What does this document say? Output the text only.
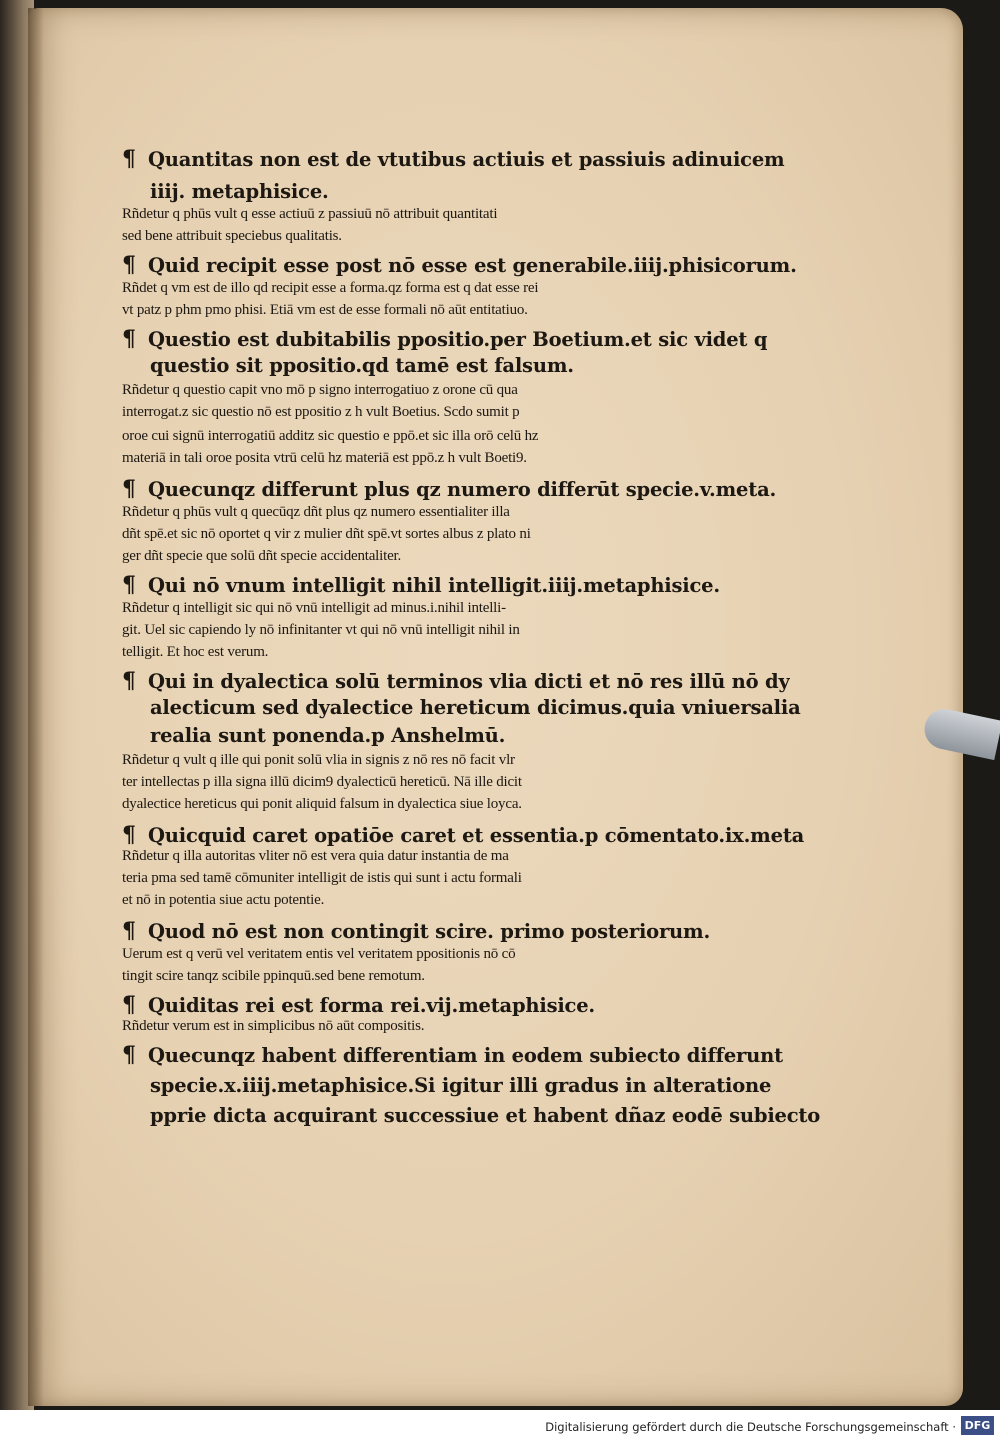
¶ Quantitas non est de vtutibus actiuis et passiuis adinuicem
iiij. metaphisice.
Rñdetur q phūs vult q esse actiuū z passiuū nō attribuit quantitati
sed bene attribuit speciebus qualitatis.
¶ Quid recipit esse post nō esse est generabile.iiij.phisicorum.
Rñdet q vm est de illo qd recipit esse a forma.qz forma est q dat esse rei
vt patz p phm pmo phisi. Etiā vm est de esse formali nō aūt entitatiuo.
¶ Questio est dubitabilis ppositio.per Boetium.et sic videt q
questio sit ppositio.qd tamē est falsum.
Rñdetur q questio capit vno mō p signo interrogatiuo z orone cū qua
interrogat.z sic questio nō est ppositio z h vult Boetius. Scdo sumit p
oroe cui signū interrogatiū additz sic questio e ppō.et sic illa orō celū hz
materiā in tali oroe posita vtrū celū hz materiā est ppō.z h vult Boeti9.
¶ Quecunqz differunt plus qz numero differūt specie.v.meta.
Rñdetur q phūs vult q quecūqz dñt plus qz numero essentialiter illa
dñt spē.et sic nō oportet q vir z mulier dñt spē.vt sortes albus z plato ni
ger dñt specie que solū dñt specie accidentaliter.
¶ Qui nō vnum intelligit nihil intelligit.iiij.metaphisice.
Rñdetur q intelligit sic qui nō vnū intelligit ad minus.i.nihil intelli-
git. Uel sic capiendo ly nō infinitanter vt qui nō vnū intelligit nihil in
telligit. Et hoc est verum.
¶ Qui in dyalectica solū terminos vlia dicti et nō res illū nō dy
alecticum sed dyalectice hereticum dicimus.quia vniuersalia
realia sunt ponenda.p Anshelmū.
Rñdetur q vult q ille qui ponit solū vlia in signis z nō res nō facit vlr
ter intellectas p illa signa illū dicim9 dyalecticū hereticū. Nā ille dicit
dyalectice hereticus qui ponit aliquid falsum in dyalectica siue loyca.
¶ Quicquid caret opatiōe caret et essentia.p cōmentato.ix.meta
Rñdetur q illa autoritas vliter nō est vera quia datur instantia de ma
teria pma sed tamē cōmuniter intelligit de istis qui sunt i actu formali
et nō in potentia siue actu potentie.
¶ Quod nō est non contingit scire. primo posteriorum.
Uerum est q verū vel veritatem entis vel veritatem ppositionis nō cō
tingit scire tanqz scibile ppinquū.sed bene remotum.
¶ Quiditas rei est forma rei.vij.metaphisice.
Rñdetur verum est in simplicibus nō aūt compositis.
¶ Quecunqz habent differentiam in eodem subiecto differunt
specie.x.iiij.metaphisice.Si igitur illi gradus in alteratione
pprie dicta acquirant successiue et habent dñaz eodē subiecto
Digitalisierung gefördert durch die Deutsche Forschungsgemeinschaft · DFG
